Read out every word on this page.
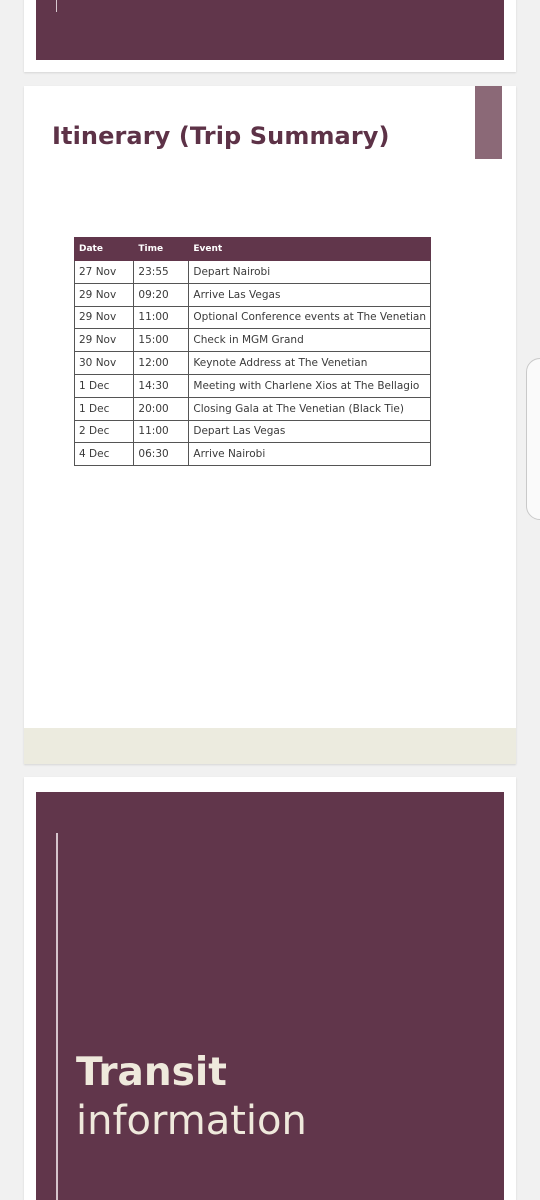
Itinerary (Trip Summary)
Date	Time	Event
27 Nov	23:55	Depart Nairobi
29 Nov	09:20	Arrive Las Vegas
29 Nov	11:00	Optional Conference events at The Venetian
29 Nov	15:00	Check in MGM Grand
30 Nov	12:00	Keynote Address at The Venetian
1 Dec	14:30	Meeting with Charlene Xios at The Bellagio
1 Dec	20:00	Closing Gala at The Venetian (Black Tie)
2 Dec	11:00	Depart Las Vegas
4 Dec	06:30	Arrive Nairobi
Transit

information
